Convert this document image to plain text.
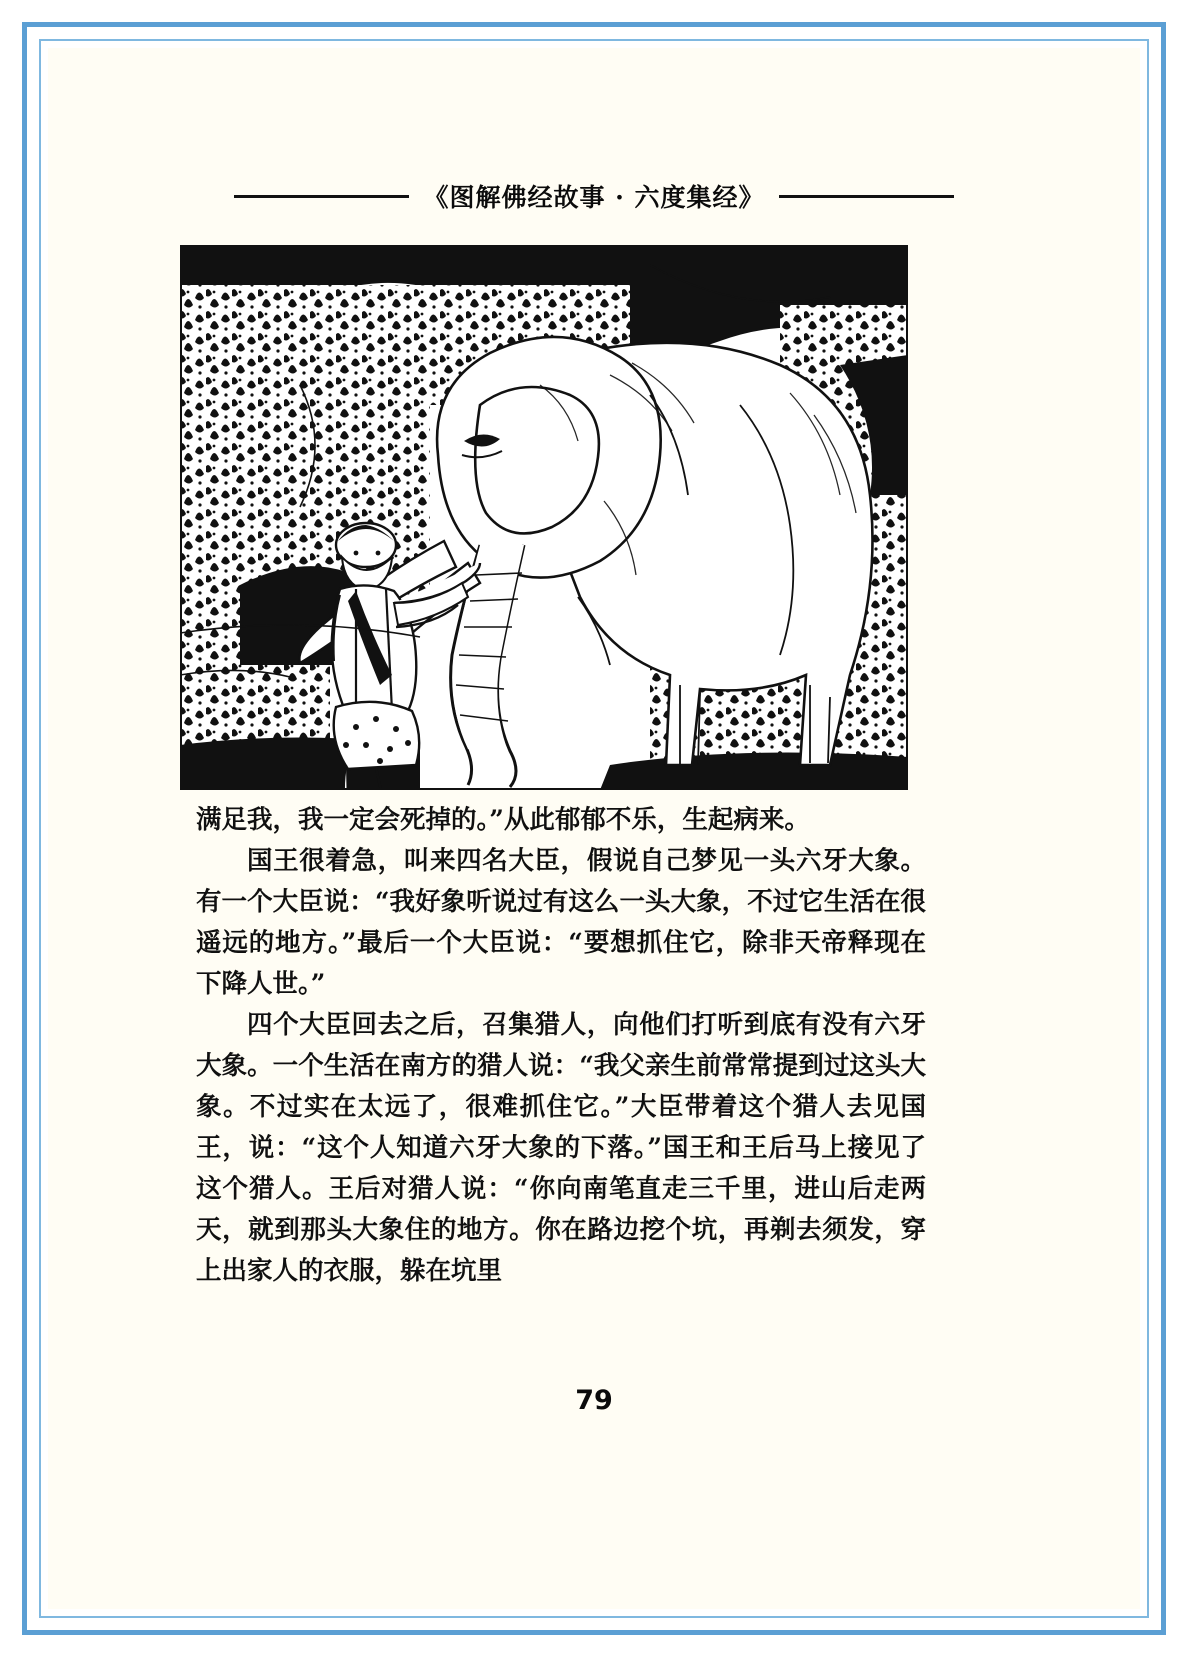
《图解佛经故事 · 六度集经》

满足我，我一定会死掉的。”从此郁郁不乐，生起病来。

国王很着急，叫来四名大臣，假说自己梦见一头六牙大象。有一个大臣说：“我好象听说过有这么一头大象，不过它生活在很遥远的地方。”最后一个大臣说：“要想抓住它，除非天帝释现在下降人世。”

四个大臣回去之后，召集猎人，向他们打听到底有没有六牙大象。一个生活在南方的猎人说：“我父亲生前常常提到过这头大象。不过实在太远了，很难抓住它。”大臣带着这个猎人去见国王，说：“这个人知道六牙大象的下落。”国王和王后马上接见了这个猎人。王后对猎人说：“你向南笔直走三千里，进山后走两天，就到那头大象住的地方。你在路边挖个坑，再剃去须发，穿上出家人的衣服，躲在坑里

79
